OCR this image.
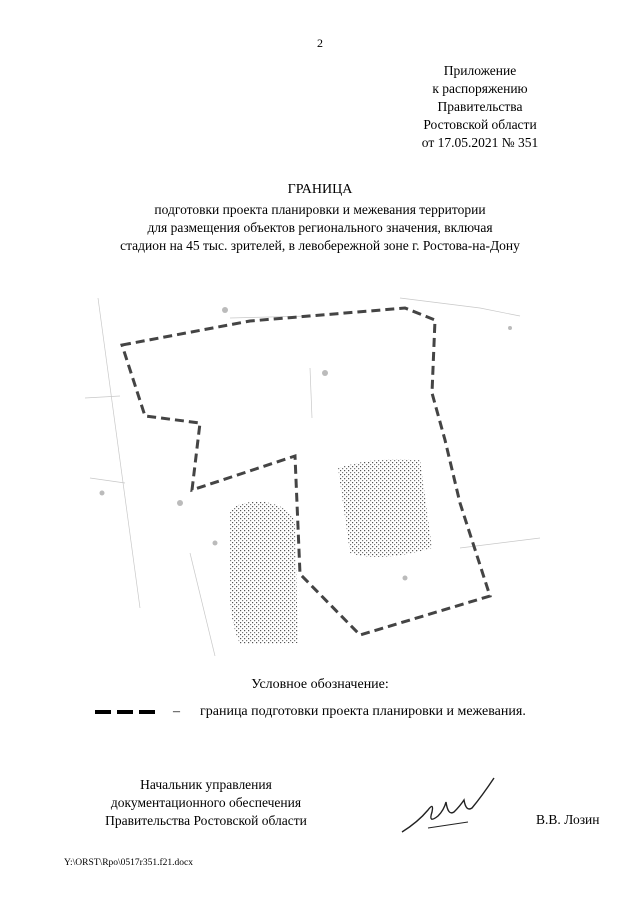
2
Приложение
к распоряжению
Правительства
Ростовской области
от 17.05.2021 № 351
ГРАНИЦА
подготовки проекта планировки и межевания территории
для размещения объектов регионального значения, включая
стадион на 45 тыс. зрителей, в левобережной зоне г. Ростова-на-Дону
Условное обозначение:
– граница подготовки проекта планировки и межевания.
Начальник управления
документационного обеспечения
Правительства Ростовской области	В.В. Лозин
Y:\ORST\Rpo\0517r351.f21.docx
